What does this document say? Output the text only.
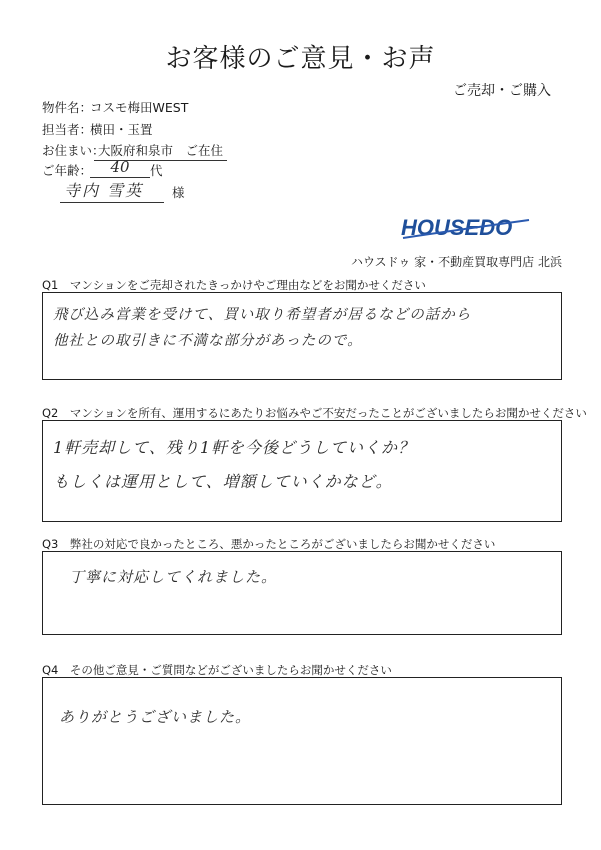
お客様のご意見・お声
ご売却・ご購入
物件名：
コスモ梅田WEST
担当者：
横田・玉置
お住まい：
大阪府和泉市　ご在住
ご年齢：	40	代
寺内 雪英	様
HOUSEDO
ハウスドゥ 家・不動産買取専門店 北浜
Q1　マンションをご売却されたきっかけやご理由などをお聞かせください
飛び込み営業を受けて、買い取り希望者が居るなどの話から
他社との取引きに不満な部分があったので。
Q2　マンションを所有、運用するにあたりお悩みやご不安だったことがございましたらお聞かせください
1軒売却して、残り1軒を今後どうしていくか？
もしくは運用として、増額していくかなど。
Q3　弊社の対応で良かったところ、悪かったところがございましたらお聞かせください
丁寧に対応してくれました。
Q4　その他ご意見・ご質問などがございましたらお聞かせください
ありがとうございました。
